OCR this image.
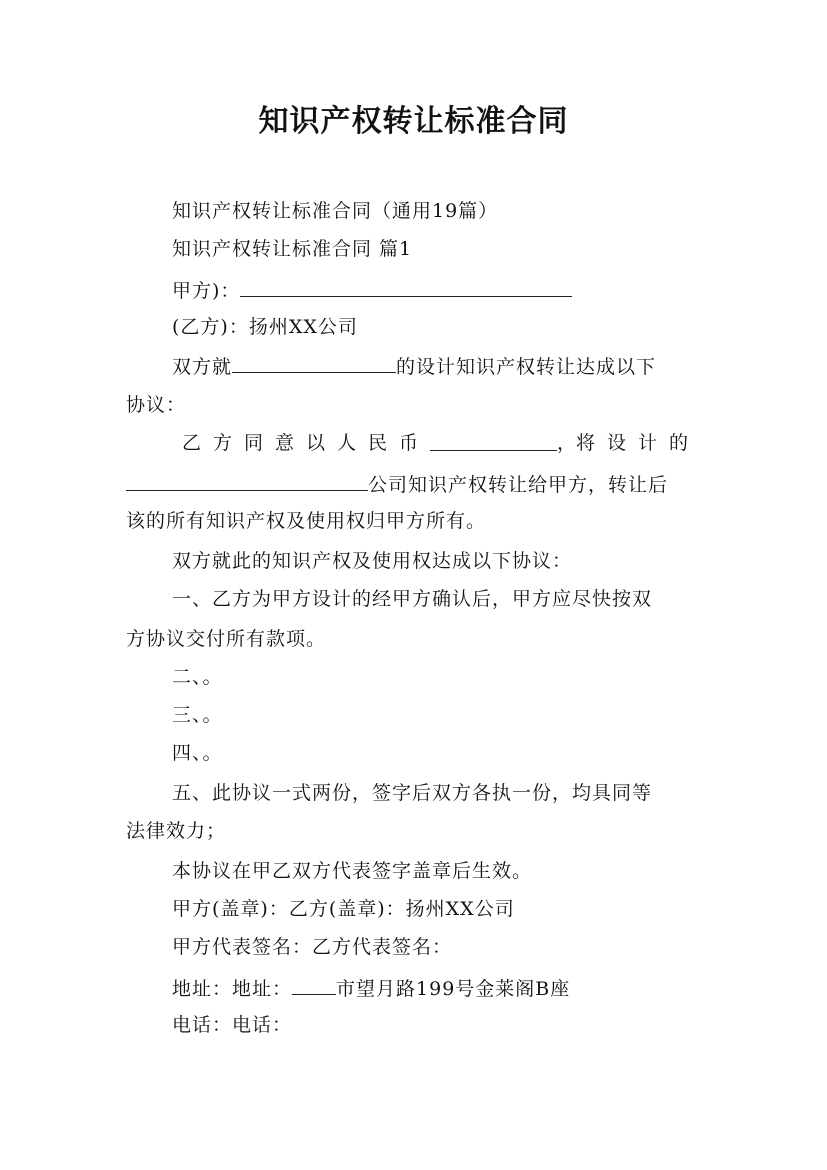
知识产权转让标准合同
知识产权转让标准合同（通用19篇）
知识产权转让标准合同 篇1
甲方)：
(乙方)：扬州XX公司
双方就	的设计知识产权转让达成以下
协议：
乙方同意以人民币	， 将设计的
公司知识产权转让给甲方，转让后
该的所有知识产权及使用权归甲方所有。
双方就此的知识产权及使用权达成以下协议：
一、乙方为甲方设计的经甲方确认后，甲方应尽快按双
方协议交付所有款项。
二、。
三、。
四、。
五、此协议一式两份，签字后双方各执一份，均具同等
法律效力；
本协议在甲乙双方代表签字盖章后生效。
甲方(盖章)：乙方(盖章)：扬州XX公司
甲方代表签名：乙方代表签名：
地址：地址： 市望月路199号金莱阁B座
电话：电话：
